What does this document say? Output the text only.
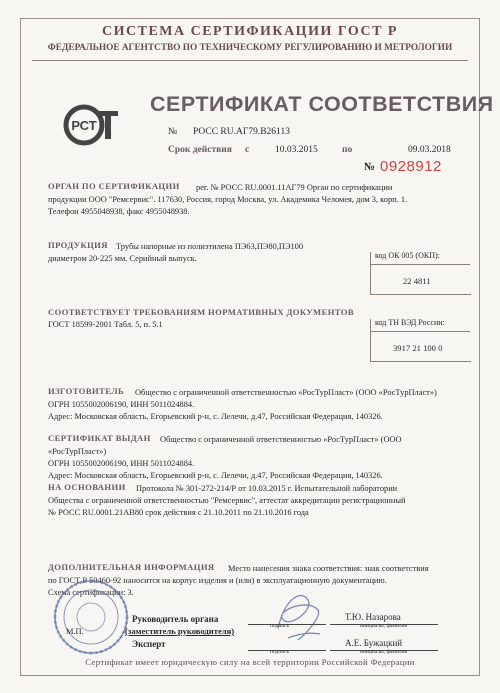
СИСТЕМА СЕРТИФИКАЦИИ ГОСТ Р

ФЕДЕРАЛЬНОЕ АГЕНТСТВО ПО ТЕХНИЧЕСКОМУ РЕГУЛИРОВАНИЮ И МЕТРОЛОГИИ

РСТ

СЕРТИФИКАТ СООТВЕТСТВИЯ

№ РОСС RU.АГ79.В26113

Срок действия с	10.03.2015	по	09.03.2018

№ 0928912

ОРГАН ПО СЕРТИФИКАЦИИ рег. № РОСС RU.0001.11АГ79 Орган по сертификации

продукции ООО "Ремсервис". 117630, Россия, город Москва, ул. Академика Челомея, дом 3, корп. 1.

Телефон 4955048938, факс 4955048938.

ПРОДУКЦИЯ Трубы напорные из полиэтилена ПЭ63,ПЭ80,ПЭ100

диаметром 20-225 мм. Серийный выпуск.	код ОК 005 (ОКП):

22 4811

СООТВЕТСТВУЕТ ТРЕБОВАНИЯМ НОРМАТИВНЫХ ДОКУМЕНТОВ

ГОСТ 18599-2001 Табл. 5, п. 5.1	код ТН ВЭД России:

3917 21 100 0

ИЗГОТОВИТЕЛЬ Общество с ограниченной ответственностью «РосТурПласт» (ООО «РосТурПласт»)

ОГРН 1055002006190, ИНН 5011024884.

Адрес: Московская область, Егорьевский р-н, с. Лелечи, д.47, Российская Федерация, 140326.

СЕРТИФИКАТ ВЫДАН Общество с ограниченной ответственностью «РосТурПласт» (ООО

«РосТурПласт»)

ОГРН 1055002006190, ИНН 5011024884.

Адрес: Московская область, Егорьевский р-н, с. Лелечи, д.47, Российская Федерация, 140326.

НА ОСНОВАНИИ Протокола № 301-272-214/Р от 10.03.2015 г. Испытательной лаборатории

Общества с ограниченной ответственностью "Ремсервис", аттестат аккредитации регистрационный

№ РОСС RU.0001.21АВ80 срок действия с 21.10.2011 по 21.10.2016 года

ДОПОЛНИТЕЛЬНАЯ ИНФОРМАЦИЯ Место нанесения знака соответствия: знак соответствия

по ГОСТ Р 50460-92 наносится на корпус изделия и (или) в эксплуатационную документацию.

Схема сертификации: 3.

М.П.

Руководитель органа

(заместитель руководителя)

Эксперт

подпись	инициалы, фамилия

Т.Ю. Назарова

подпись	инициалы, фамилия

А.Е. Бужацкий

Сертификат имеет юридическую силу на всей территории Российской Федерации
